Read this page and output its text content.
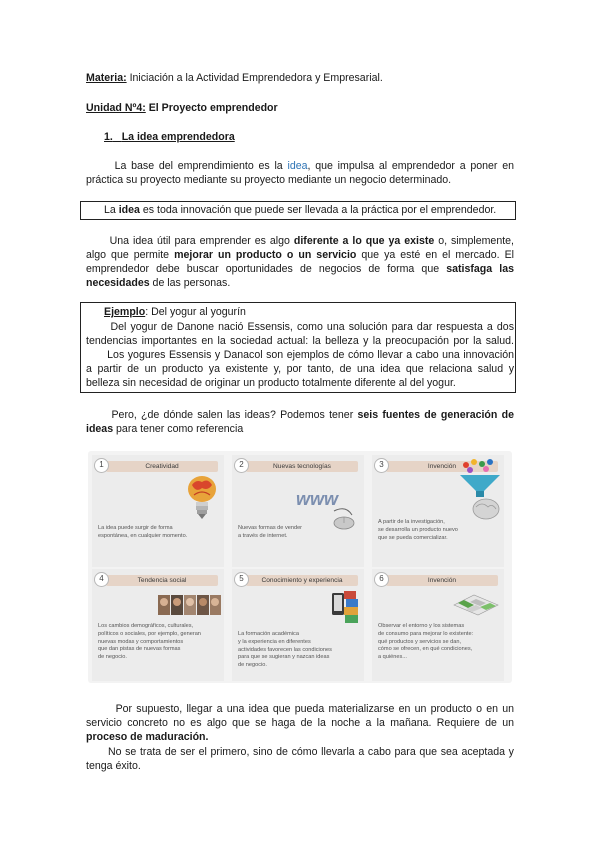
Materia: Iniciación a la Actividad Emprendedora y Empresarial.
Unidad Nº4: El Proyecto emprendedor
1. La idea emprendedora
La base del emprendimiento es la idea, que impulsa al emprendedor a poner en
práctica su proyecto mediante su proyecto mediante un negocio determinado.
La idea es toda innovación que puede ser llevada a la práctica por el emprendedor.
Una idea útil para emprender es algo diferente a lo que ya existe o, simplemente,
algo que permite mejorar un producto o un servicio que ya esté en el mercado. El
emprendedor debe buscar oportunidades de negocios de forma que satisfaga las
necesidades de las personas.
Ejemplo: Del yogur al yogurín
Del yogur de Danone nació Essensis, como una solución para dar respuesta a dos
tendencias importantes en la sociedad actual: la belleza y la preocupación por la salud.
Los yogures Essensis y Danacol son ejemplos de cómo llevar a cabo una innovación
a partir de un producto ya existente y, por tanto, de una idea que relaciona salud y
belleza sin necesidad de originar un producto totalmente diferente al del yogur.
Pero, ¿de dónde salen las ideas? Podemos tener seis fuentes de generación de
ideas para tener como referencia
1	Creatividad
La idea puede surgir de forma
espontánea, en cualquier momento.
2	Nuevas tecnologías
www
Nuevas formas de vender
a través de internet.
3	Invención
A partir de la investigación,
se desarrolla un producto nuevo
que se pueda comercializar.
4	Tendencia social
Los cambios demográficos, culturales,
políticos o sociales, por ejemplo, generan
nuevas modas y comportamientos
que dan pistas de nuevas formas
de negocio.
5	Conocimiento y experiencia
La formación académica
y la experiencia en diferentes
actividades favorecen las condiciones
para que se sugieran y nazcan ideas
de negocio.
6	Invención
Observar el entorno y los sistemas
de consumo para mejorar lo existente:
qué productos y servicios se dan,
cómo se ofrecen, en qué condiciones,
a quiénes...
Por supuesto, llegar a una idea que pueda materializarse en un producto o en un
servicio concreto no es algo que se haga de la noche a la mañana. Requiere de un
proceso de maduración.
No se trata de ser el primero, sino de cómo llevarla a cabo para que sea aceptada y
tenga éxito.
